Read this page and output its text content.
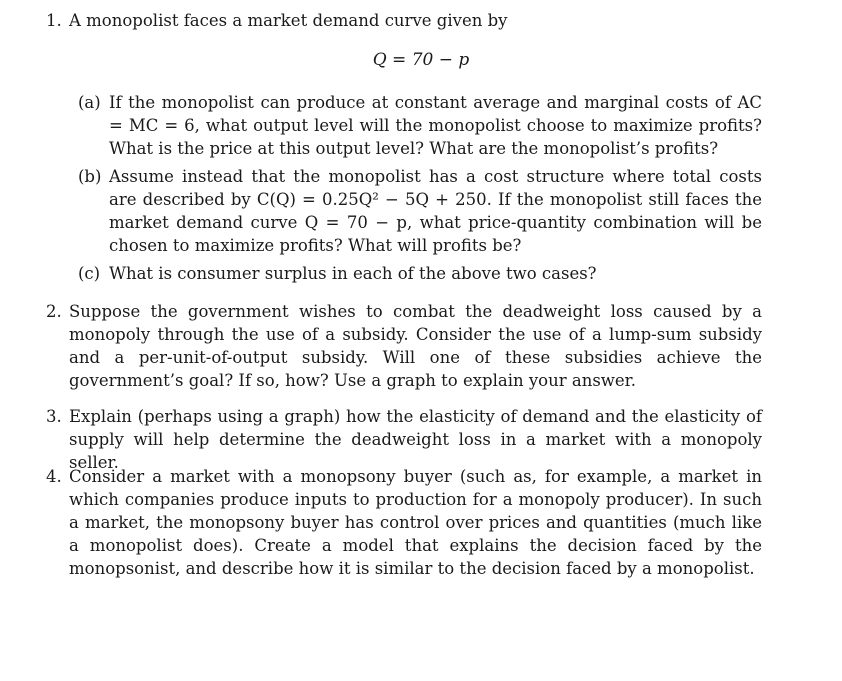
1. A monopolist faces a market demand curve given by
Q = 70 − p
(a) If the monopolist can produce at constant average and marginal costs of AC = MC = 6, what output level will the monopolist choose to maximize profits? What is the price at this output level? What are the monopolist’s profits?
(b) Assume instead that the monopolist has a cost structure where total costs are described by C(Q) = 0.25Q² − 5Q + 250. If the monopolist still faces the market demand curve Q = 70 − p, what price-quantity combination will be chosen to maximize profits? What will profits be?
(c) What is consumer surplus in each of the above two cases?
2. Suppose the government wishes to combat the deadweight loss caused by a monopoly through the use of a subsidy. Consider the use of a lump-sum subsidy and a per-unit-of-output subsidy. Will one of these subsidies achieve the government’s goal? If so, how? Use a graph to explain your answer.
3. Explain (perhaps using a graph) how the elasticity of demand and the elasticity of supply will help determine the deadweight loss in a market with a monopoly seller.
4. Consider a market with a monopsony buyer (such as, for example, a market in which companies produce inputs to production for a monopoly producer). In such a market, the monopsony buyer has control over prices and quantities (much like a monopolist does). Create a model that explains the decision faced by the monopsonist, and describe how it is similar to the decision faced by a monopolist.
